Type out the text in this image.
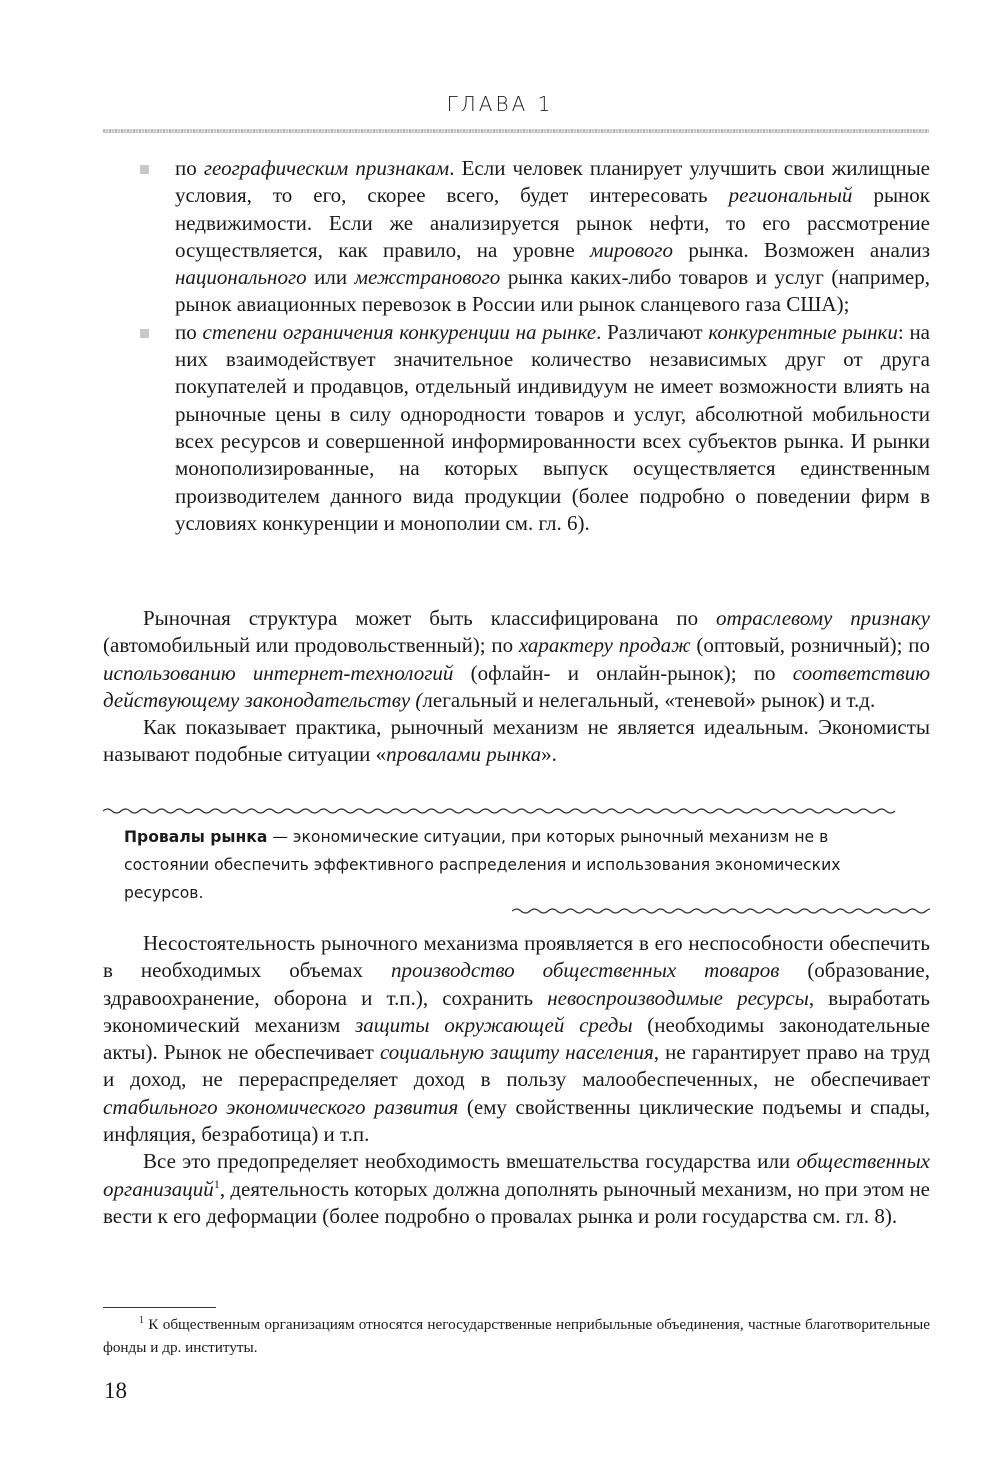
ГЛАВА 1
по географическим признакам. Если человек планирует улучшить свои жилищные условия, то его, скорее всего, будет интересовать региональный рынок недвижимости. Если же анализируется рынок нефти, то его рассмотрение осуществляется, как правило, на уровне мирового рынка. Возможен анализ национального или межстранового рынка каких-либо товаров и услуг (например, рынок авиационных перевозок в России или рынок сланцевого газа США);
по степени ограничения конкуренции на рынке. Различают конкурентные рынки: на них взаимодействует значительное количество независимых друг от друга покупателей и продавцов, отдельный индивидуум не имеет возможности влиять на рыночные цены в силу однородности товаров и услуг, абсолютной мобильности всех ресурсов и совершенной информированности всех субъектов рынка. И рынки монополизированные, на которых выпуск осуществляется единственным производителем данного вида продукции (более подробно о поведении фирм в условиях конкуренции и монополии см. гл. 6).

Рыночная структура может быть классифицирована по отраслевому признаку (автомобильный или продовольственный); по характеру продаж (оптовый, розничный); по использованию интернет-технологий (офлайн- и онлайн-рынок); по соответствию действующему законодательству (легальный и нелегальный, «теневой» рынок) и т.д.

Как показывает практика, рыночный механизм не является идеальным. Экономисты называют подобные ситуации «провалами рынка».

Провалы рынка — экономические ситуации, при которых рыночный механизм не в состоянии обеспечить эффективного распределения и использования экономических ресурсов.

Несостоятельность рыночного механизма проявляется в его неспособности обеспечить в необходимых объемах производство общественных товаров (образование, здравоохранение, оборона и т.п.), сохранить невоспроизводимые ресурсы, выработать экономический механизм защиты окружающей среды (необходимы законодательные акты). Рынок не обеспечивает социальную защиту населения, не гарантирует право на труд и доход, не перераспределяет доход в пользу малообеспеченных, не обеспечивает стабильного экономического развития (ему свойственны циклические подъемы и спады, инфляция, безработица) и т.п.

Все это предопределяет необходимость вмешательства государства или общественных организаций$^1$, деятельность которых должна дополнять рыночный механизм, но при этом не вести к его деформации (более подробно о провалах рынка и роли государства см. гл. 8).

$^1$ К общественным организациям относятся негосударственные неприбыльные объединения, частные благотворительные фонды и др. институты.

18
